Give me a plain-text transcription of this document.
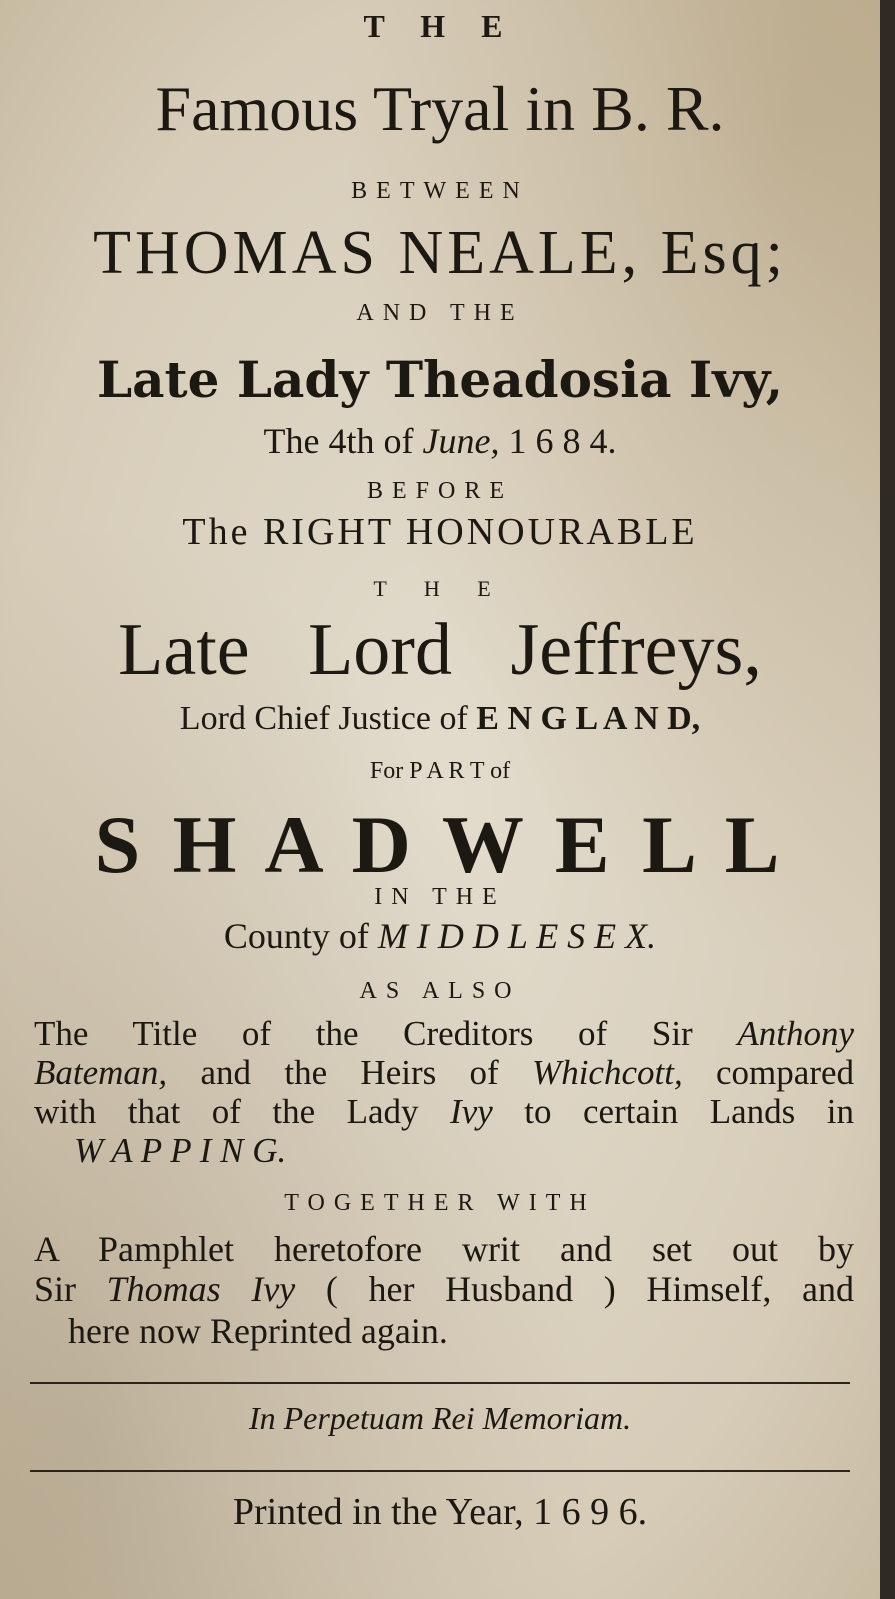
T H E
Famous Tryal in B. R.
BETWEEN
THOMAS NEALE, Esq;
AND THE
Late Lady Theadosia Ivy,
The 4th of June, 1 6 8 4.
BEFORE
The RIGHT HONOURABLE
T H E
Late Lord Jeffreys,
Lord Chief Justice of E N G L A N D,
For P A R T of
S H A D W E L L
IN THE
County of M I D D L E S E X.
AS ALSO
The Title of the Creditors of Sir Anthony
Bateman, and the Heirs of Whichcott, compared
with that of the Lady Ivy to certain Lands in
W A P P I N G.
TOGETHER WITH
A Pamphlet heretofore writ and set out by
Sir Thomas Ivy ( her Husband ) Himself, and
here now Reprinted again.
In Perpetuam Rei Memoriam.
Printed in the Year, 1 6 9 6.
